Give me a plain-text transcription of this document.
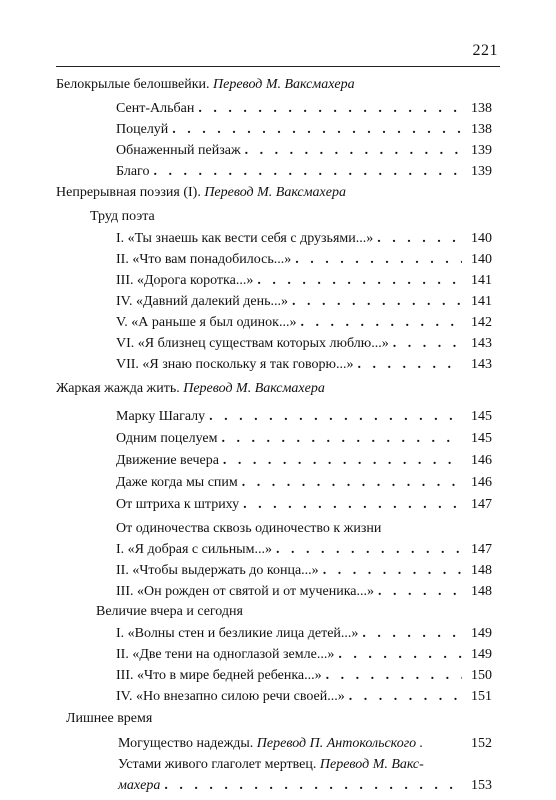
221
Белокрылые белошвейки. Перевод М. Ваксмахера
Сент-Альбан . . .	138
Поцелуй . . .	138
Обнаженный пейзаж . . .	139
Благо . . .	139
Непрерывная поэзия (I). Перевод М. Ваксмахера
Труд поэта
I. «Ты знаешь как вести себя с друзьями...» . . .	140
II. «Что вам понадобилось...» . . .	140
III. «Дорога коротка...» . . .	141
IV. «Давний далекий день...» . . .	141
V. «А раньше я был одинок...» . . .	142
VI. «Я близнец существам которых люблю...» . . .	143
VII. «Я знаю поскольку я так говорю...» . . .	143
Жаркая жажда жить. Перевод М. Ваксмахера
Марку Шагалу . . .	145
Одним поцелуем . . .	145
Движение вечера . . .	146
Даже когда мы спим . . .	146
От штриха к штриху . . .	147
От одиночества сквозь одиночество к жизни
I. «Я добрая с сильным...» . . .	147
II. «Чтобы выдержать до конца...» . . .	148
III. «Он рожден от святой и от мученика...» . . .	148
Величие вчера и сегодня
I. «Волны стен и безликие лица детей...» . . .	149
II. «Две тени на одноглазой земле...» . . .	149
III. «Что в мире бедней ребенка...» . . .	150
IV. «Но внезапно силою речи своей...» . . .	151
Лишнее время
Могущество надежды. Перевод П. Антокольского .	152
Устами живого глаголет мертвец. Перевод М. Вакс-
махера . . .	153
